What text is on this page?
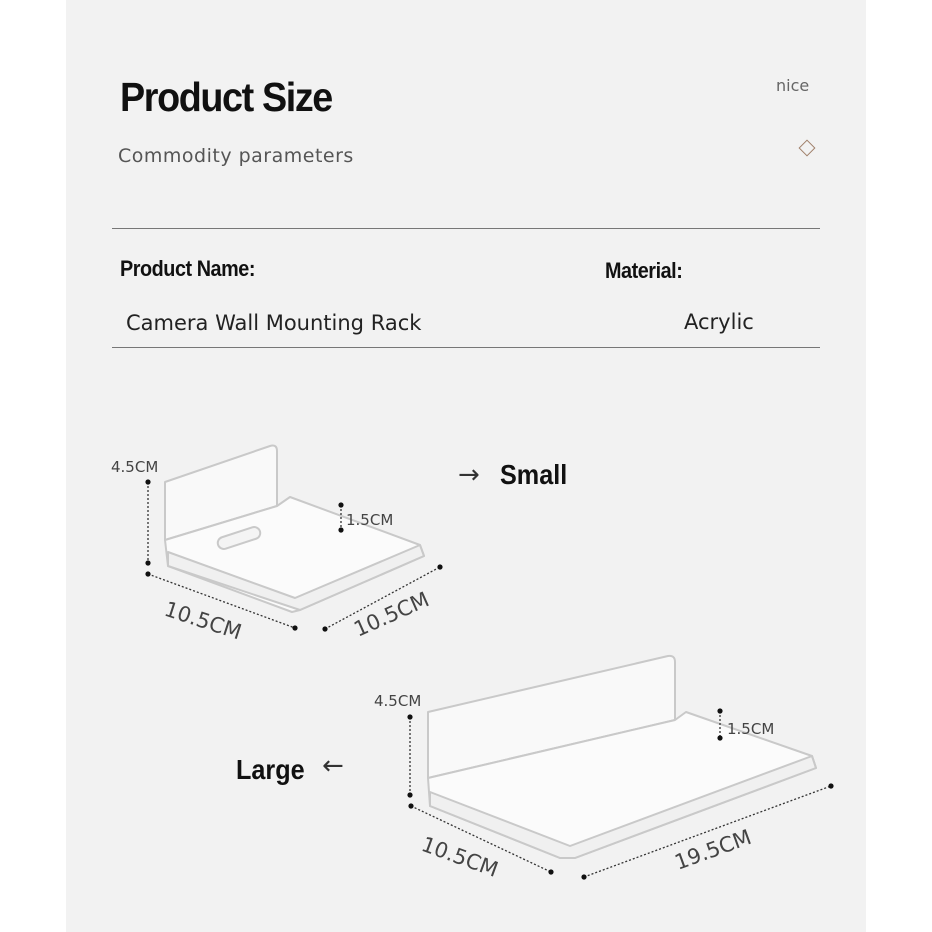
Product Size
Commodity parameters
nice
Product Name:	Material:
Camera Wall Mounting Rack	Acrylic
4.5CM
1.5CM
10.5CM	10.5CM
4.5CM
1.5CM
10.5CM	19.5CM
→ Small
Large ←
